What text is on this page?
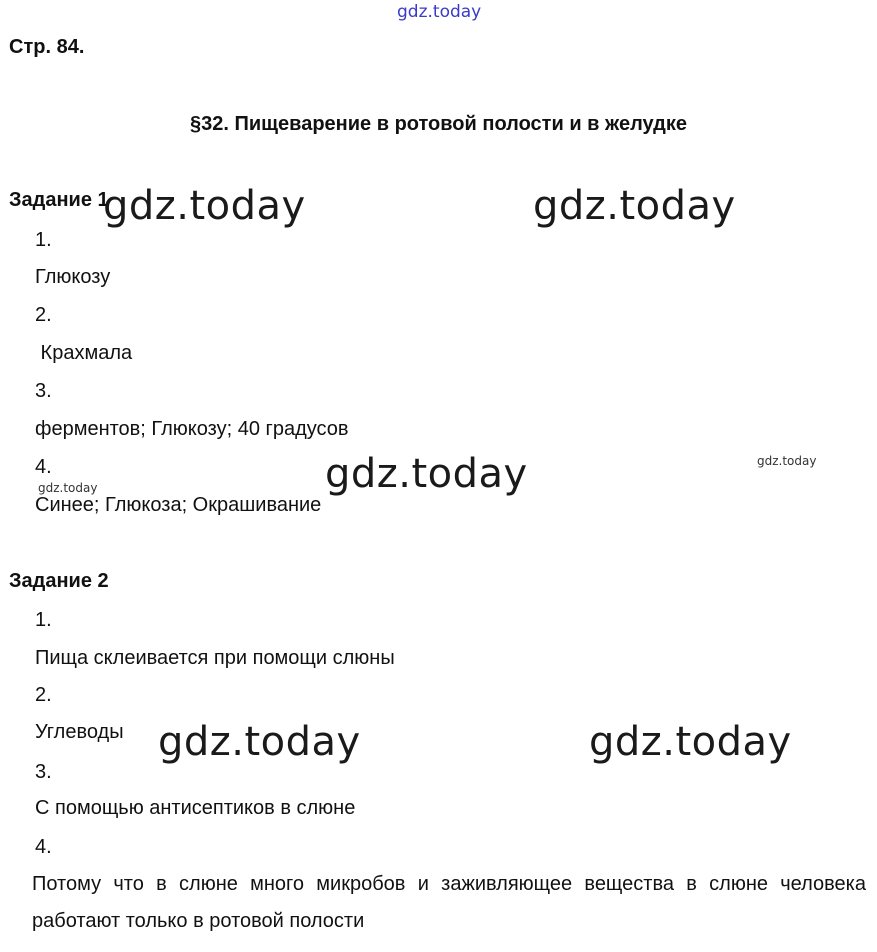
gdz.today
Стр. 84.
§32. Пищеварение в ротовой полости и в желудке
Задание 1
1.
Глюкозу
2.
Крахмала
3.
ферментов; Глюкозу; 40 градусов
4.
Синее; Глюкоза; Окрашивание
Задание 2
1.
Пища склеивается при помощи слюны
2.
Углеводы
3.
С помощью антисептиков в слюне
4.
Потому что в слюне много микробов и заживляющее вещества в слюне человека работают только в ротовой полости
gdz.today	gdz.today
gdz.today
gdz.today
gdz.today
gdz.today	gdz.today
